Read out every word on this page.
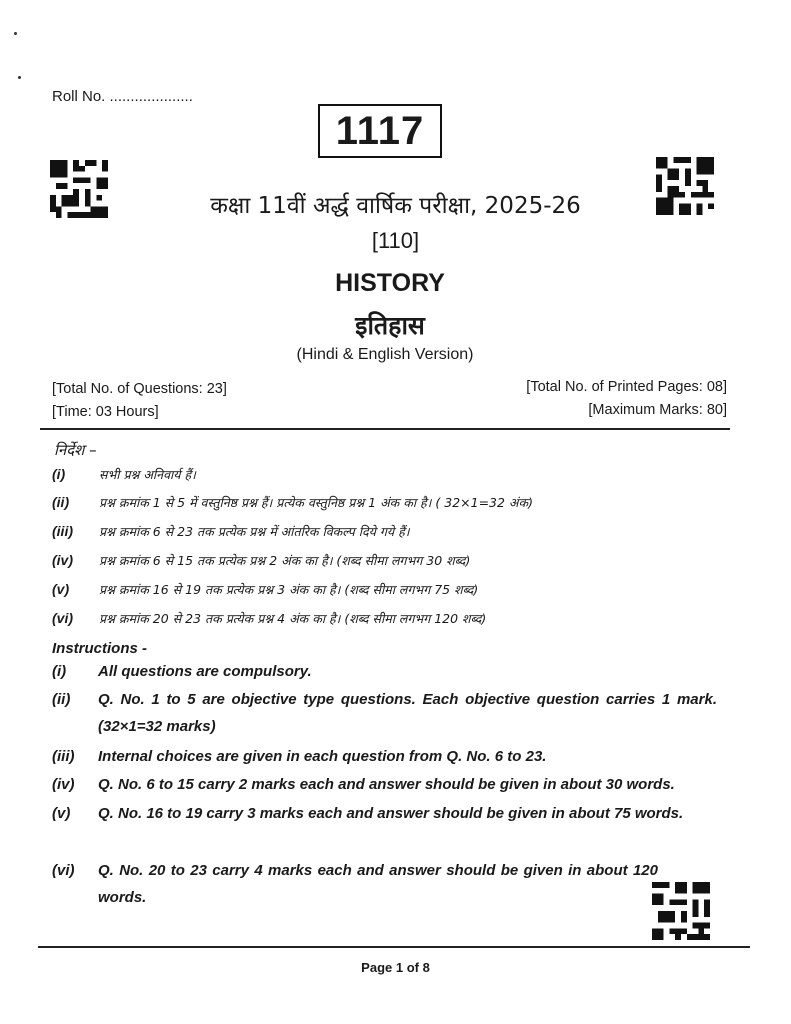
Roll No. ....................
1117
कक्षा 11वीं अर्द्ध वार्षिक परीक्षा, 2025-26
[110]
HISTORY
इतिहास
(Hindi & English Version)
[Total No. of Questions: 23]
[Time: 03 Hours]
[Total No. of Printed Pages: 08]
[Maximum Marks: 80]
निर्देश –
(i)	सभी प्रश्न अनिवार्य हैं।
(ii) प्रश्न क्रमांक 1 से 5 में वस्तुनिष्ठ प्रश्न हैं। प्रत्येक वस्तुनिष्ठ प्रश्न 1 अंक का है। ( 32×1=32 अंक)
(iii) प्रश्न क्रमांक 6 से 23 तक प्रत्येक प्रश्न में आंतरिक विकल्प दिये गये हैं।
(iv) प्रश्न क्रमांक 6 से 15 तक प्रत्येक प्रश्न 2 अंक का है। (शब्द सीमा लगभग 30 शब्द)
(v) प्रश्न क्रमांक 16 से 19 तक प्रत्येक प्रश्न 3 अंक का है। (शब्द सीमा लगभग 75 शब्द)
(vi) प्रश्न क्रमांक 20 से 23 तक प्रत्येक प्रश्न 4 अंक का है। (शब्द सीमा लगभग 120 शब्द)
Instructions -
(i) All questions are compulsory.
(ii) Q. No. 1 to 5 are objective type questions. Each objective question carries 1 mark. (32×1=32 marks)
(iii) Internal choices are given in each question from Q. No. 6 to 23.
(iv) Q. No. 6 to 15 carry 2 marks each and answer should be given in about 30 words.
(v) Q. No. 16 to 19 carry 3 marks each and answer should be given in about 75 words.
(vi) Q. No. 20 to 23 carry 4 marks each and answer should be given in about 120 words.
Page 1 of 8
